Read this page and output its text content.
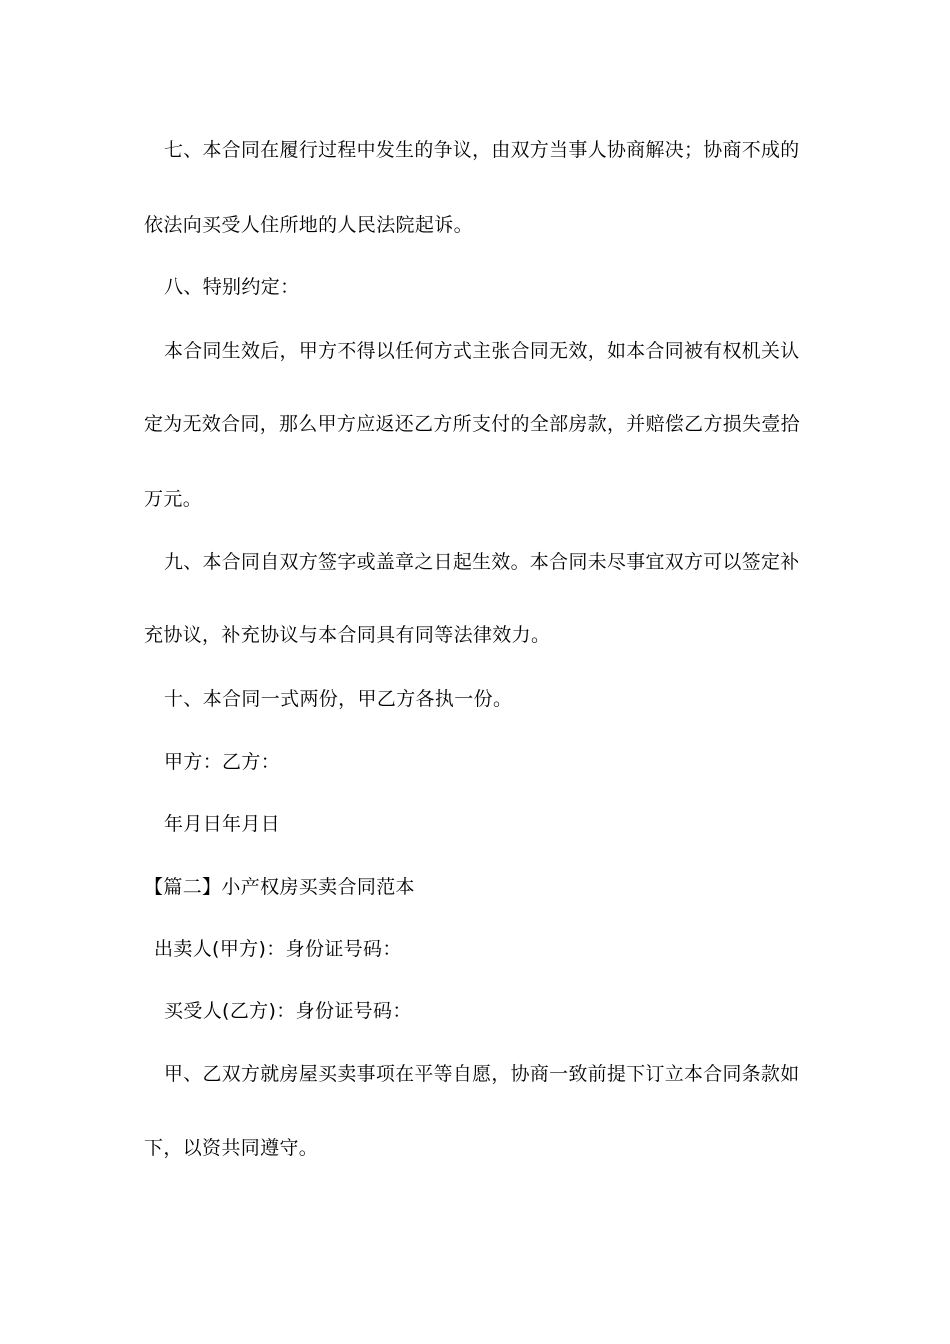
七、本合同在履行过程中发生的争议，由双方当事人协商解决；协商不成的
依法向买受人住所地的人民法院起诉。
八、特别约定：
本合同生效后，甲方不得以任何方式主张合同无效，如本合同被有权机关认
定为无效合同，那么甲方应返还乙方所支付的全部房款，并赔偿乙方损失壹拾
万元。
九、本合同自双方签字或盖章之日起生效。本合同未尽事宜双方可以签定补
充协议，补充协议与本合同具有同等法律效力。
十、本合同一式两份，甲乙方各执一份。
甲方：乙方：
年月日年月日
【篇二】小产权房买卖合同范本
出卖人(甲方)：身份证号码：
买受人(乙方)：身份证号码：
甲、乙双方就房屋买卖事项在平等自愿，协商一致前提下订立本合同条款如
下，以资共同遵守。
